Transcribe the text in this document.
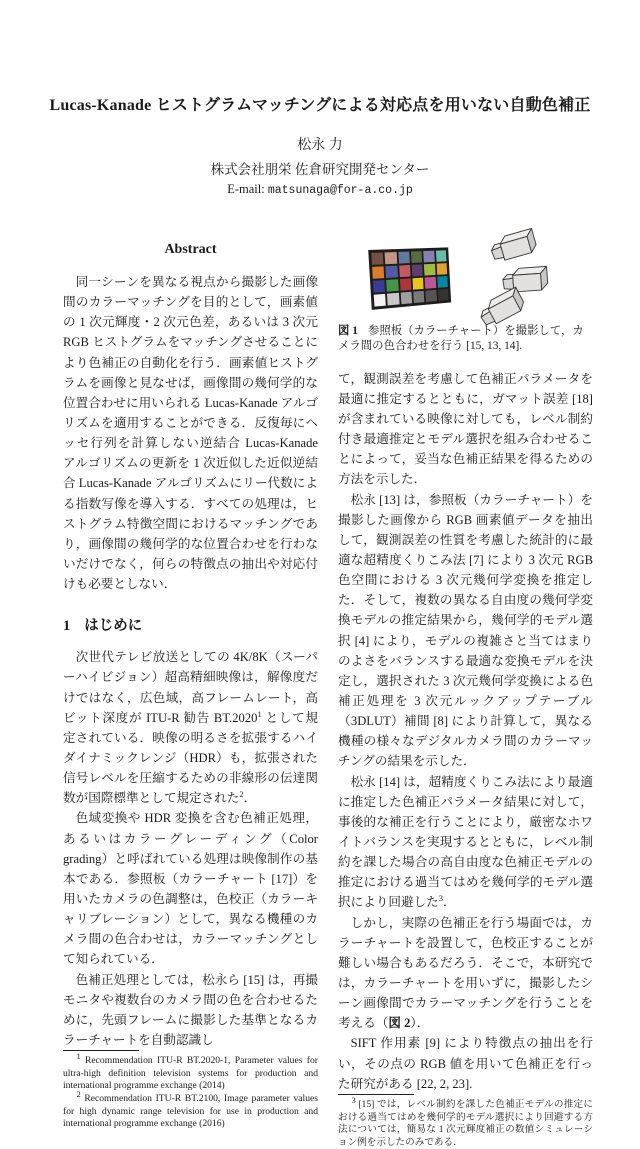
Lucas-Kanade ヒストグラムマッチングによる対応点を用いない自動色補正
松永 力
株式会社朋栄 佐倉研究開発センター
E-mail: matsunaga@for-a.co.jp
Abstract

同一シーンを異なる視点から撮影した画像間のカラーマッチングを目的として，画素値の 1 次元輝度・2 次元色差，あるいは 3 次元 RGB ヒストグラムをマッチングさせることにより色補正の自動化を行う．画素値ヒストグラムを画像と見なせば，画像間の幾何学的な位置合わせに用いられる Lucas-Kanade アルゴリズムを適用することができる．反復毎にヘッセ行列を計算しない逆結合 Lucas-Kanade アルゴリズムの更新を 1 次近似した近似逆結合 Lucas-Kanade アルゴリズムにリー代数による指数写像を導入する．すべての処理は，ヒストグラム特徴空間におけるマッチングであり，画像間の幾何学的な位置合わせを行わないだけでなく，何らの特徴点の抽出や対応付けも必要としない．

1 はじめに

次世代テレビ放送としての 4K/8K（スーパーハイビジョン）超高精細映像は，解像度だけではなく，広色域，高フレームレート，高ビット深度が ITU-R 勧告 BT.2020$^1$ として規定されている．映像の明るさを拡張するハイダイナミックレンジ（HDR）も，拡張された信号レベルを圧縮するための非線形の伝達関数が国際標準として規定された$^2$．

色域変換や HDR 変換を含む色補正処理，あるいはカラーグレーディング（Color grading）と呼ばれている処理は映像制作の基本である．参照板（カラーチャート [17]）を用いたカメラの色調整は，色校正（カラーキャリブレーション）として，異なる機種のカメラ間の色合わせは，カラーマッチングとして知られている．

色補正処理としては，松永ら [15] は，再撮モニタや複数台のカメラ間の色を合わせるために，先頭フレームに撮影した基準となるカラーチャートを自動認識し

$^1$ Recommendation ITU-R BT.2020-1, Parameter values for ultra-high definition television systems for production and international programme exchange (2014)

$^2$ Recommendation ITU-R BT.2100, Image parameter values for high dynamic range television for use in production and international programme exchange (2016)

図 1 参照板（カラーチャート）を撮影して，カメラ間の色合わせを行う [15, 13, 14].

て，観測誤差を考慮して色補正パラメータを最適に推定するとともに，ガマット誤差 [18] が含まれている映像に対しても，レベル制約付き最適推定とモデル選択を組み合わせることによって，妥当な色補正結果を得るための方法を示した．

松永 [13] は，参照板（カラーチャート）を撮影した画像から RGB 画素値データを抽出して，観測誤差の性質を考慮した統計的に最適な超精度くりこみ法 [7] により 3 次元 RGB 色空間における 3 次元幾何学変換を推定した．そして，複数の異なる自由度の幾何学変換モデルの推定結果から，幾何学的モデル選択 [4] により，モデルの複雑さと当てはまりのよさをバランスする最適な変換モデルを決定し，選択された 3 次元幾何学変換による色補正処理を 3 次元ルックアップテーブル（3DLUT）補間 [8] により計算して，異なる機種の様々なデジタルカメラ間のカラーマッチングの結果を示した．

松永 [14] は，超精度くりこみ法により最適に推定した色補正パラメータ結果に対して，事後的な補正を行うことにより，厳密なホワイトバランスを実現するとともに，レベル制約を課した場合の高自由度な色補正モデルの推定における過当てはめを幾何学的モデル選択により回避した$^3$．

しかし，実際の色補正を行う場面では，カラーチャートを設置して，色校正することが難しい場合もあるだろう．そこで，本研究では，カラーチャートを用いずに，撮影したシーン画像間でカラーマッチングを行うことを考える（図 2）．

SIFT 作用素 [9] により特徴点の抽出を行い，その点の RGB 値を用いて色補正を行った研究がある [22, 2, 23].

$^3$ [15] では，レベル制約を課した色補正モデルの推定における過当てはめを幾何学的モデル選択により回避する方法については，簡易な 1 次元輝度補正の数値シミュレーション例を示したのみである．
